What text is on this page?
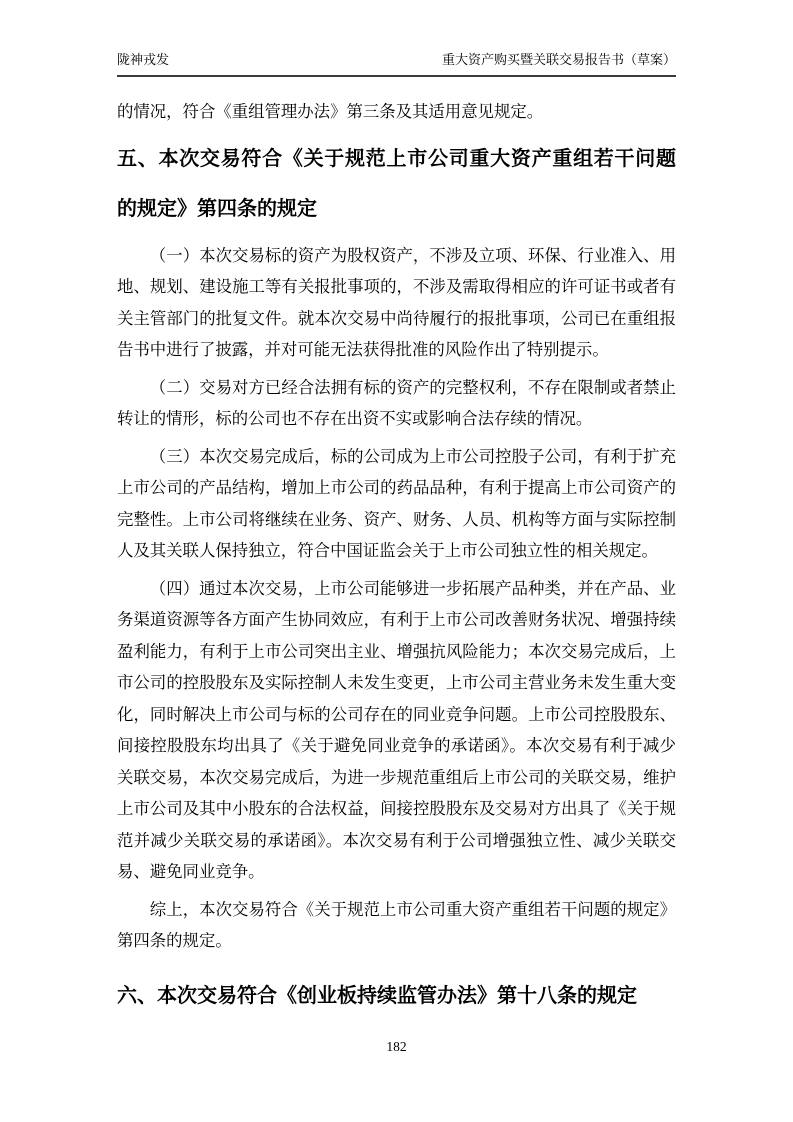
陇神戎发	重大资产购买暨关联交易报告书（草案）

的情况，符合《重组管理办法》第三条及其适用意见规定。

五、本次交易符合《关于规范上市公司重大资产重组若干问题的规定》第四条的规定

（一）本次交易标的资产为股权资产，不涉及立项、环保、行业准入、用地、规划、建设施工等有关报批事项的，不涉及需取得相应的许可证书或者有关主管部门的批复文件。就本次交易中尚待履行的报批事项，公司已在重组报告书中进行了披露，并对可能无法获得批准的风险作出了特别提示。

（二）交易对方已经合法拥有标的资产的完整权利，不存在限制或者禁止转让的情形，标的公司也不存在出资不实或影响合法存续的情况。

（三）本次交易完成后，标的公司成为上市公司控股子公司，有利于扩充上市公司的产品结构，增加上市公司的药品品种，有利于提高上市公司资产的完整性。上市公司将继续在业务、资产、财务、人员、机构等方面与实际控制人及其关联人保持独立，符合中国证监会关于上市公司独立性的相关规定。

（四）通过本次交易，上市公司能够进一步拓展产品种类，并在产品、业务渠道资源等各方面产生协同效应，有利于上市公司改善财务状况、增强持续盈利能力，有利于上市公司突出主业、增强抗风险能力；本次交易完成后，上市公司的控股股东及实际控制人未发生变更，上市公司主营业务未发生重大变化，同时解决上市公司与标的公司存在的同业竞争问题。上市公司控股股东、间接控股股东均出具了《关于避免同业竞争的承诺函》。本次交易有利于减少关联交易，本次交易完成后，为进一步规范重组后上市公司的关联交易，维护上市公司及其中小股东的合法权益，间接控股股东及交易对方出具了《关于规范并减少关联交易的承诺函》。本次交易有利于公司增强独立性、减少关联交易、避免同业竞争。

综上，本次交易符合《关于规范上市公司重大资产重组若干问题的规定》第四条的规定。

六、本次交易符合《创业板持续监管办法》第十八条的规定
182
